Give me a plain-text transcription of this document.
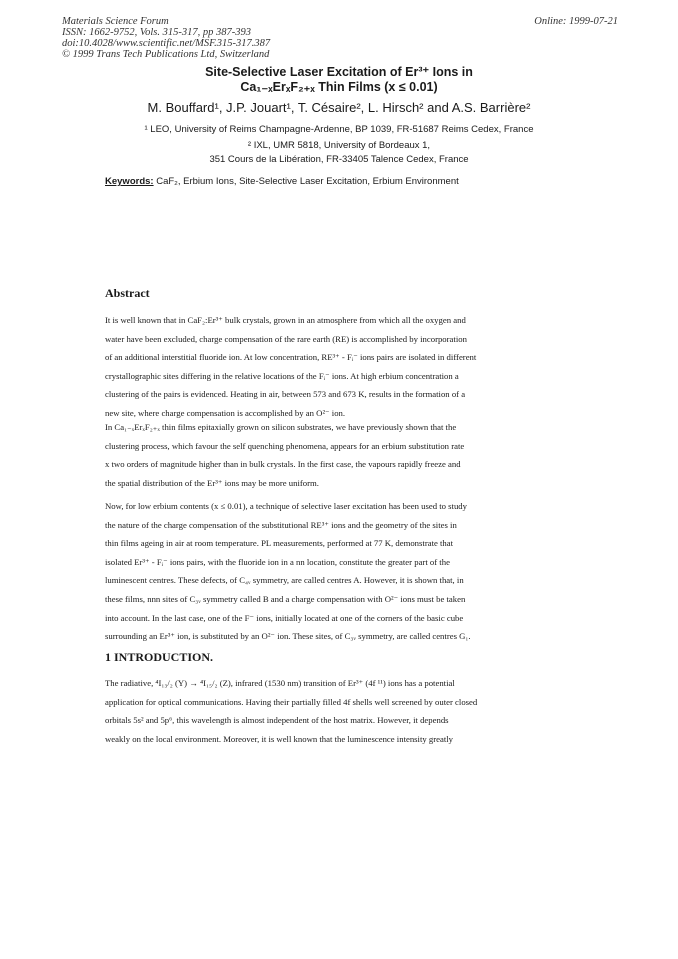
Materials Science Forum
ISSN: 1662-9752, Vols. 315-317, pp 387-393
doi:10.4028/www.scientific.net/MSF.315-317.387
© 1999 Trans Tech Publications Ltd, Switzerland
Online: 1999-07-21
Site-Selective Laser Excitation of Er³⁺ Ions in
Ca₁₋ₓErₓF₂₊ₓ Thin Films (x ≤ 0.01)
M. Bouffard¹, J.P. Jouart¹, T. Césaire², L. Hirsch² and A.S. Barrière²
¹ LEO, University of Reims Champagne-Ardenne, BP 1039, FR-51687 Reims Cedex, France
² IXL, UMR 5818, University of Bordeaux 1,
351 Cours de la Libération, FR-33405 Talence Cedex, France
Keywords: CaF₂, Erbium Ions, Site-Selective Laser Excitation, Erbium Environment
Abstract
It is well known that in CaF₂:Er³⁺ bulk crystals, grown in an atmosphere from which all the oxygen and
water have been excluded, charge compensation of the rare earth (RE) is accomplished by incorporation
of an additional interstitial fluoride ion. At low concentration, RE³⁺ - Fᵢ⁻ ions pairs are isolated in different
crystallographic sites differing in the relative locations of the Fᵢ⁻ ions. At high erbium concentration a
clustering of the pairs is evidenced. Heating in air, between 573 and 673 K, results in the formation of a
new site, where charge compensation is accomplished by an O²⁻ ion.
In Ca₁₋ₓErₓF₂₊ₓ thin films epitaxially grown on silicon substrates, we have previously shown that the
clustering process, which favour the self quenching phenomena, appears for an erbium substitution rate
x two orders of magnitude higher than in bulk crystals. In the first case, the vapours rapidly freeze and
the spatial distribution of the Er³⁺ ions may be more uniform.
Now, for low erbium contents (x ≤ 0.01), a technique of selective laser excitation has been used to study
the nature of the charge compensation of the substitutional RE³⁺ ions and the geometry of the sites in
thin films ageing in air at room temperature. PL measurements, performed at 77 K, demonstrate that
isolated Er³⁺ - Fᵢ⁻ ions pairs, with the fluoride ion in a nn location, constitute the greater part of the
luminescent centres. These defects, of C₄ᵥ symmetry, are called centres A. However, it is shown that, in
these films, nnn sites of C₃ᵥ symmetry called B and a charge compensation with O²⁻ ions must be taken
into account. In the last case, one of the F⁻ ions, initially located at one of the corners of the basic cube
surrounding an Er³⁺ ion, is substituted by an O²⁻ ion. These sites, of C₃ᵥ symmetry, are called centres G₁.
1 INTRODUCTION.
The radiative, ⁴I₁₃/₂ (Y) → ⁴I₁₅/₂ (Z), infrared (1530 nm) transition of Er³⁺ (4f ¹¹) ions has a potential
application for optical communications. Having their partially filled 4f shells well screened by outer closed
orbitals 5s² and 5p⁶, this wavelength is almost independent of the host matrix. However, it depends
weakly on the local environment. Moreover, it is well known that the luminescence intensity greatly
